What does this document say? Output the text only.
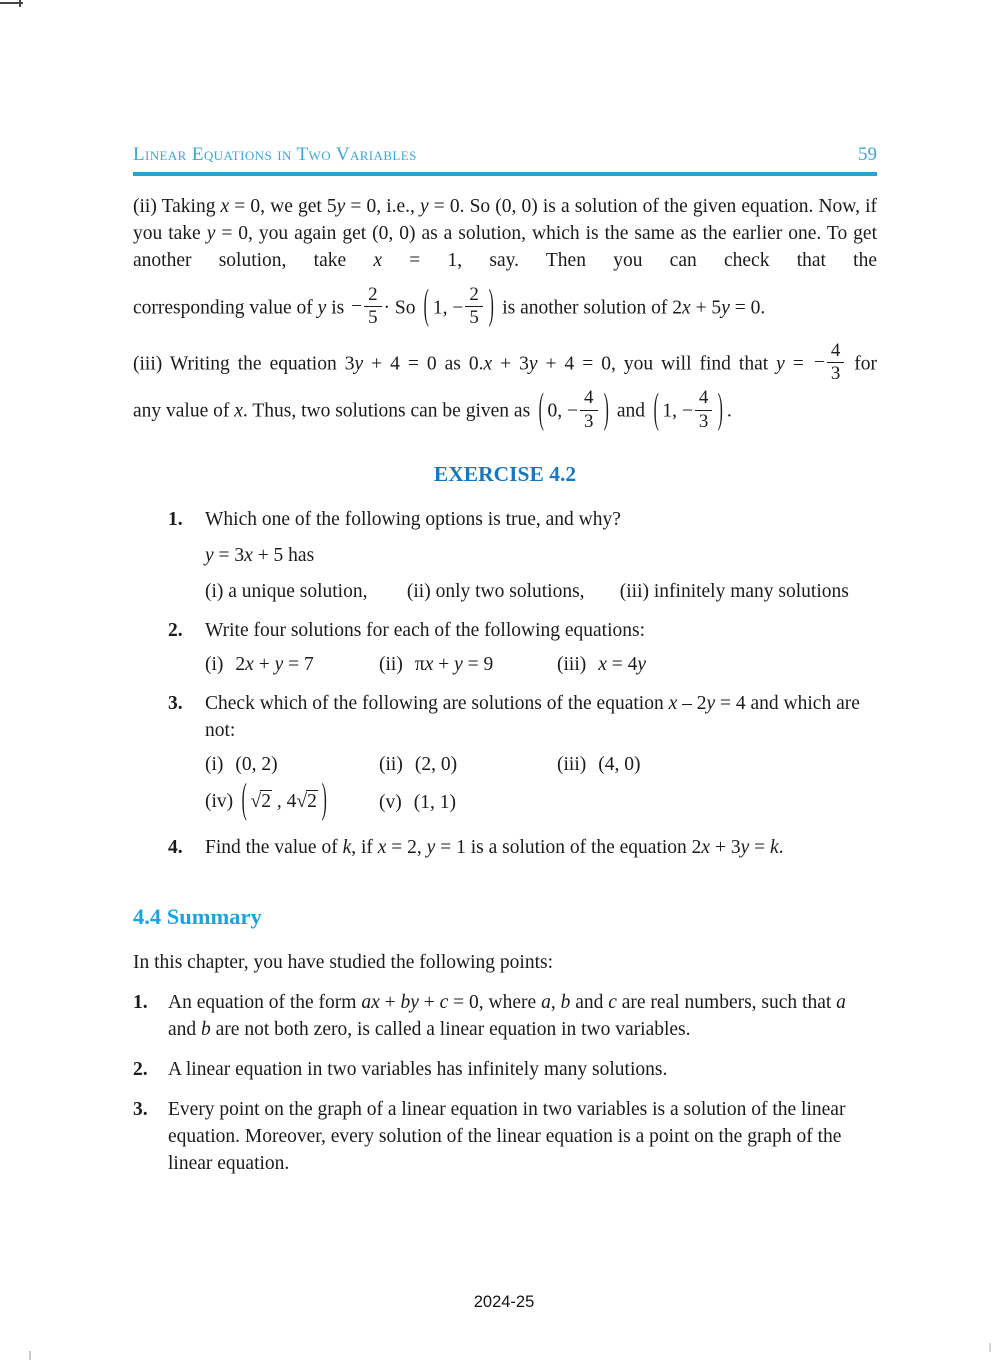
Linear Equations in Two Variables	59

(ii) Taking x = 0, we get 5y = 0, i.e., y = 0. So (0, 0) is a solution of the given equation. Now, if you take y = 0, you again get (0, 0) as a solution, which is the same as the earlier one. To get another solution, take x = 1, say. Then you can check that the

corresponding value of y is − $\frac{2}{5} \cdot So$ ( 1, − $\frac{2}{5}$ ) is another solution of 2x + 5y = 0.
(iii) Writing the equation 3y + 4 = 0 as 0.x + 3y + 4 = 0, you will find that y = − $\frac{4}{3}$ for
any value of x. Thus, two solutions can be given as ( 0, − $\frac{4}{3}$ ) and ( 1, − $\frac{4}{3}$ ) .
EXERCISE 4.2
1.	Which one of the following options is true, and why?
y = 3x + 5 has
(i) a unique solution, (ii) only two solutions, (iii) infinitely many solutions
2.	Write four solutions for each of the following equations:
(i) 2x + y = 7	(ii) πx + y = 9	(iii) x = 4y
3.	Check which of the following are solutions of the equation x – 2y = 4 and which are not:
(i) (0, 2)	(ii) (2, 0)	(iii) (4, 0)
(iv) ( √2 , 4√2 )	(v) (1, 1)
4.	Find the value of k, if x = 2, y = 1 is a solution of the equation 2x + 3y = k.
4.4 Summary

In this chapter, you have studied the following points:

1.	An equation of the form ax + by + c = 0, where a, b and c are real numbers, such that a and b are not both zero, is called a linear equation in two variables.
2.	A linear equation in two variables has infinitely many solutions.
3.	Every point on the graph of a linear equation in two variables is a solution of the linear equation. Moreover, every solution of the linear equation is a point on the graph of the linear equation.
2024-25
